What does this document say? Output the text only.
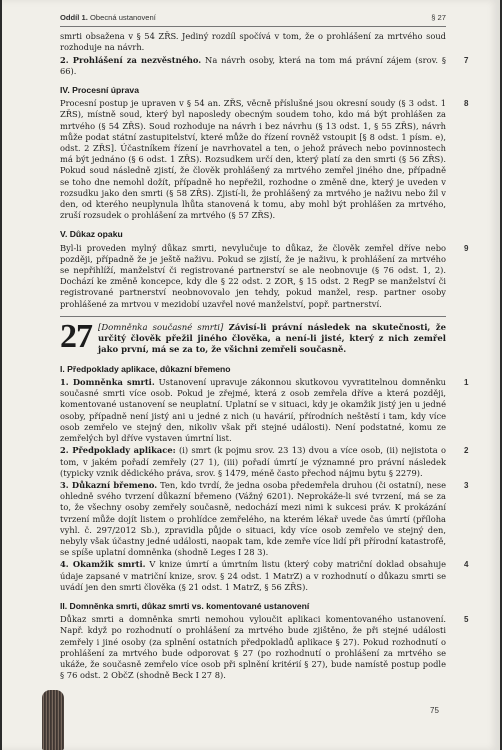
Oddíl 1. Obecná ustanovení	§ 27

smrti obsažena v § 54 ZŘS. Jediný rozdíl spočívá v tom, že o prohlášení za mrtvého soud rozhoduje na návrh.

2. Prohlášení za nezvěstného. Na návrh osoby, která na tom má právní zájem (srov. § 66).

7
IV. Procesní úprava

Procesní postup je upraven v § 54 an. ZŘS, věcně příslušné jsou okresní soudy (§ 3 odst. 1 ZŘS), místně soud, který byl naposledy obecným soudem toho, kdo má být prohlášen za mrtvého (§ 54 ZŘS). Soud rozhoduje na návrh i bez návrhu (§ 13 odst. 1, § 55 ZŘS), návrh může podat státní zastupitelství, které může do řízení rovněž vstoupit [§ 8 odst. 1 písm. e), odst. 2 ZŘS]. Účastníkem řízení je navrhovatel a ten, o jehož právech nebo povinnostech má být jednáno (§ 6 odst. 1 ZŘS). Rozsudkem určí den, který platí za den smrti (§ 56 ZŘS). Pokud soud následně zjistí, že člověk prohlášený za mrtvého zemřel jiného dne, případně se toho dne nemohl dožít, případně ho nepřežil, rozhodne o změně dne, který je uveden v rozsudku jako den smrti (§ 58 ZŘS). Zjistí-li, že prohlášený za mrtvého je naživu nebo žil v den, od kterého neuplynula lhůta stanovená k tomu, aby mohl být prohlášen za mrtvého, zruší rozsudek o prohlášení za mrtvého (§ 57 ZŘS).

8
V. Důkaz opaku

Byl-li proveden mylný důkaz smrti, nevylučuje to důkaz, že člověk zemřel dříve nebo později, případně že je ještě naživu. Pokud se zjistí, že je naživu, k prohlášení za mrtvého se nepřihlíží, manželství či registrované partnerství se ale neobnovuje (§ 76 odst. 1, 2). Dochází ke změně koncepce, kdy dle § 22 odst. 2 ZOR, § 15 odst. 2 RegP se manželství či registrované partnerství neobnovovalo jen tehdy, pokud manžel, resp. partner osoby prohlášené za mrtvou v mezidobí uzavřel nové manželství, popř. partnerství.

9
27 [Domněnka současné smrti] Závisí-li právní následek na skutečnosti, že určitý člověk přežil jiného člověka, a není-li jisté, který z nich zemřel jako první, má se za to, že všichni zemřeli současně.
I. Předpoklady aplikace, důkazní břemeno

1. Domněnka smrti. Ustanovení upravuje zákonnou skutkovou vyvratitelnou domněnku současné smrti více osob. Pokud je zřejmé, která z osob zemřela dříve a která později, komentované ustanovení se neuplatní. Uplatní se v situaci, kdy je okamžik jistý jen u jedné osoby, případně není jistý ani u jedné z nich (u havárií, přírodních neštěstí i tam, kdy více osob zemřelo ve stejný den, nikoliv však při stejné události). Není podstatné, komu ze zemřelých byl dříve vystaven úmrtní list.

1

2. Předpoklady aplikace: (i) smrt (k pojmu srov. 23 13) dvou a více osob, (ii) nejistota o tom, v jakém pořadí zemřely (27 1), (iii) pořadí úmrtí je významné pro právní následek (typicky vznik dědického práva, srov. § 1479, méně často přechod nájmu bytu § 2279).

2

3. Důkazní břemeno. Ten, kdo tvrdí, že jedna osoba předemřela druhou (či ostatní), nese ohledně svého tvrzení důkazní břemeno (Vážný 6201). Neprokáže-li své tvrzení, má se za to, že všechny osoby zemřely současně, nedochází mezi nimi k sukcesi práv. K prokázání tvrzení může dojít listem o prohlídce zemřelého, na kterém lékař uvede čas úmrtí (příloha vyhl. č. 297/2012 Sb.), zpravidla půjde o situaci, kdy více osob zemřelo ve stejný den, nebyly však účastny jedné události, naopak tam, kde zemře více lidí při přírodní katastrofě, se spíše uplatní domněnka (shodně Leges I 28 3).

3

4. Okamžik smrti. V knize úmrtí a úmrtním listu (který coby matriční doklad obsahuje údaje zapsané v matriční knize, srov. § 24 odst. 1 MatrZ) a v rozhodnutí o důkazu smrti se uvádí jen den smrti člověka (§ 21 odst. 1 MatrZ, § 56 ZŘS).

4
II. Domněnka smrti, důkaz smrti vs. komentované ustanovení

Důkaz smrti a domněnka smrti nemohou vyloučit aplikaci komentovaného ustanovení. Např. když po rozhodnutí o prohlášení za mrtvého bude zjištěno, že při stejné události zemřely i jiné osoby (za splnění ostatních předpokladů aplikace § 27). Pokud rozhodnutí o prohlášení za mrtvého bude odporovat § 27 (po rozhodnutí o prohlášení za mrtvého se ukáže, že současně zemřelo více osob při splnění kritérií § 27), bude namístě postup podle § 76 odst. 2 ObčZ (shodně Beck I 27 8).

5
75
